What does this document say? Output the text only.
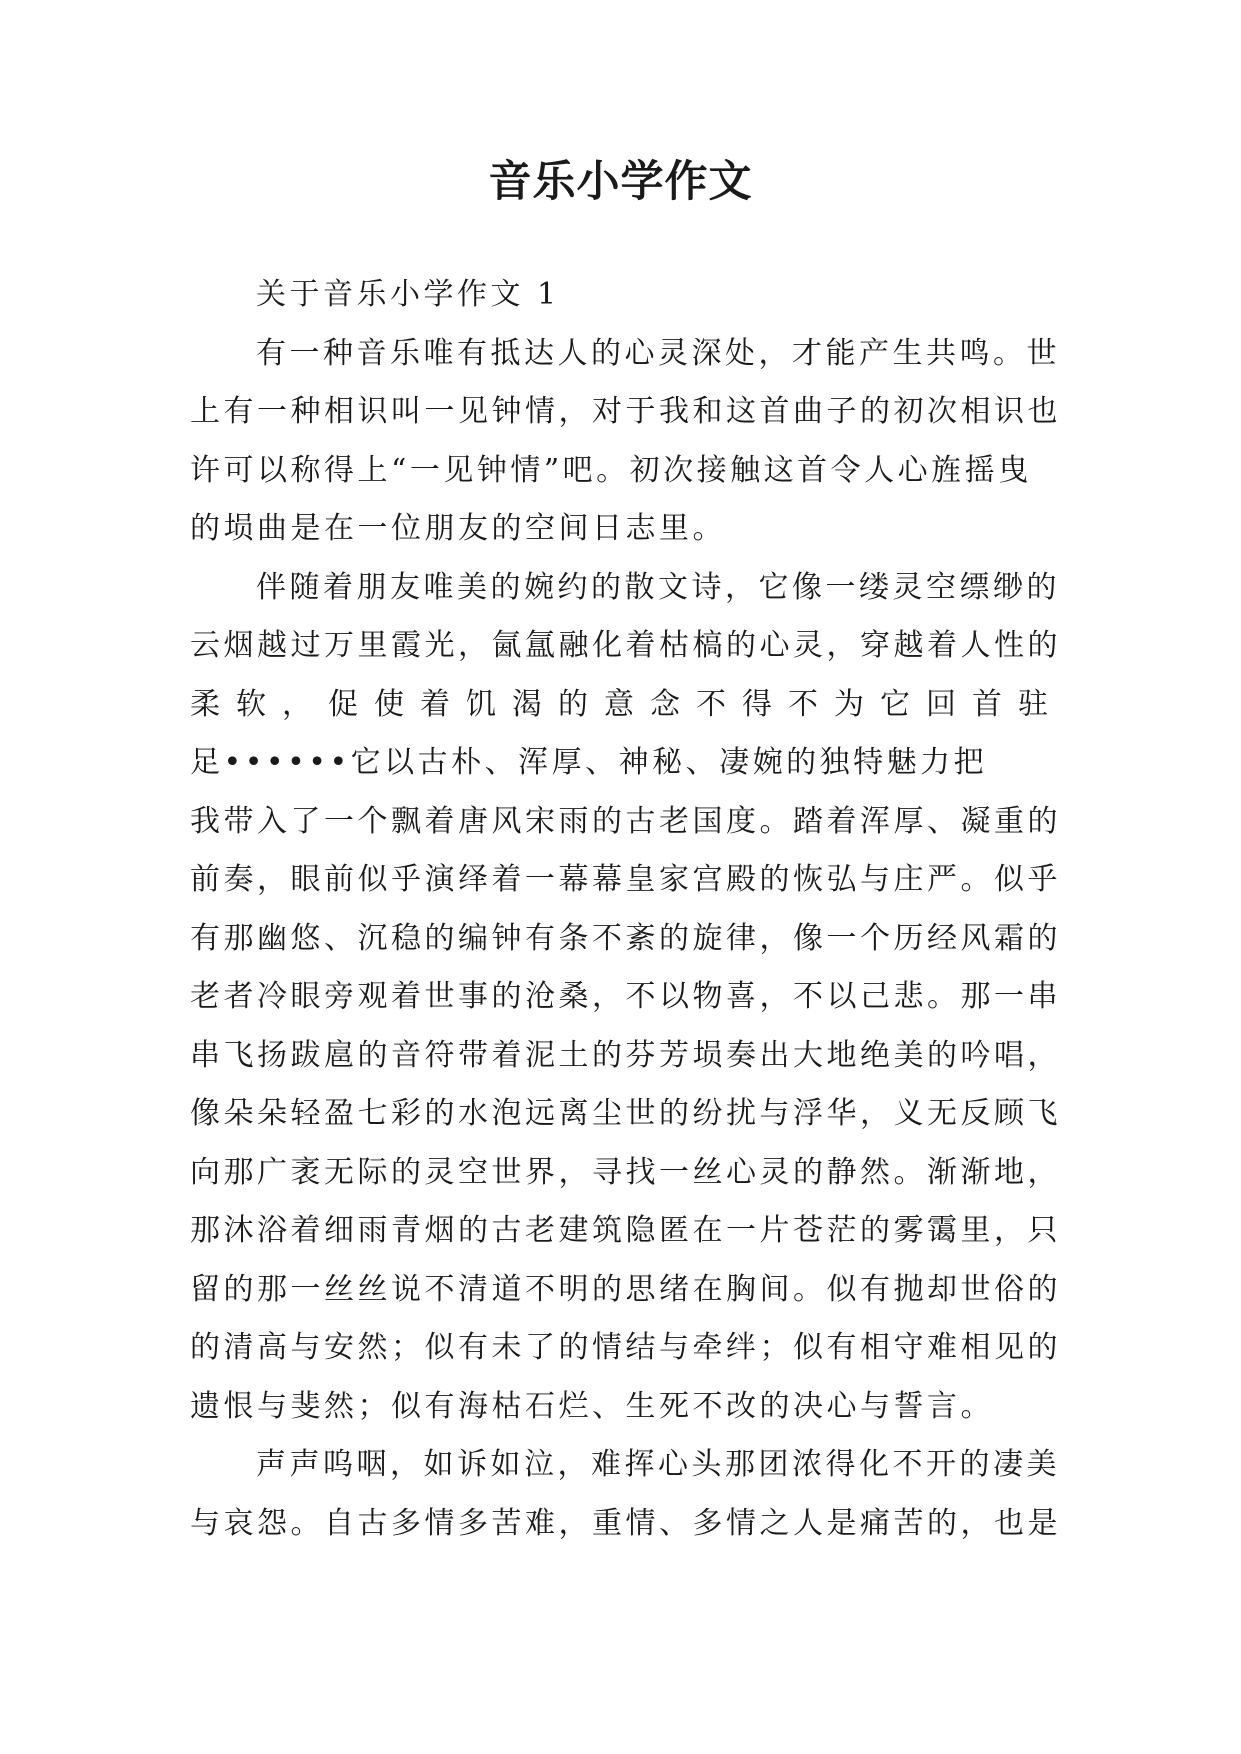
音乐小学作文
关于音乐小学作文 1
有一种音乐唯有抵达人的心灵深处，才能产生共鸣。世
上有一种相识叫一见钟情，对于我和这首曲子的初次相识也
许可以称得上“一见钟情”吧。初次接触这首令人心旌摇曳
的埙曲是在一位朋友的空间日志里。
伴随着朋友唯美的婉约的散文诗，它像一缕灵空缥缈的
云烟越过万里霞光，氤氲融化着枯槁的心灵，穿越着人性的
柔软，促使着饥渴的意念不得不为它回首驻
足••••••它以古朴、浑厚、神秘、凄婉的独特魅力把
我带入了一个飘着唐风宋雨的古老国度。踏着浑厚、凝重的
前奏，眼前似乎演绎着一幕幕皇家宫殿的恢弘与庄严。似乎
有那幽悠、沉稳的编钟有条不紊的旋律，像一个历经风霜的
老者冷眼旁观着世事的沧桑，不以物喜，不以己悲。那一串
串飞扬跋扈的音符带着泥土的芬芳埙奏出大地绝美的吟唱，
像朵朵轻盈七彩的水泡远离尘世的纷扰与浮华，义无反顾飞
向那广袤无际的灵空世界，寻找一丝心灵的静然。渐渐地，
那沐浴着细雨青烟的古老建筑隐匿在一片苍茫的雾霭里，只
留的那一丝丝说不清道不明的思绪在胸间。似有抛却世俗的
的清高与安然；似有未了的情结与牵绊；似有相守难相见的
遗恨与斐然；似有海枯石烂、生死不改的决心与誓言。
声声呜咽，如诉如泣，难挥心头那团浓得化不开的凄美
与哀怨。自古多情多苦难，重情、多情之人是痛苦的，也是
